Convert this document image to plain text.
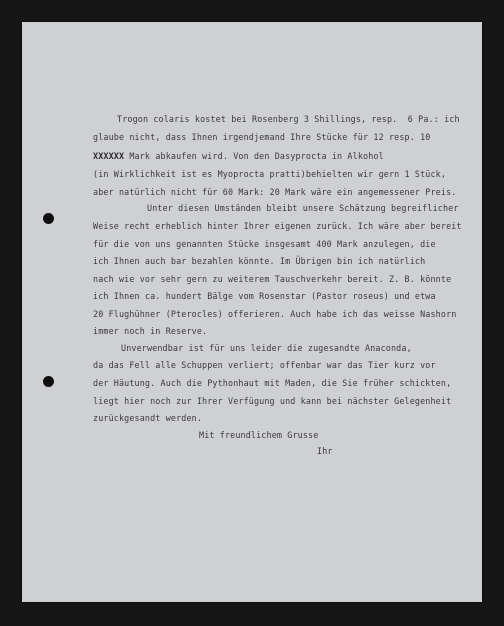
Trogon colaris kostet bei Rosenberg 3 Shillings, resp.  6 Pa.: ich
glaube nicht, dass Ihnen irgendjemand Ihre Stücke für 12 resp. 10
XXXXXX Mark abkaufen wird. Von den Dasyprocta in Alkohol
(in Wirklichkeit ist es Myoprocta pratti)behielten wir gern 1 Stück,
aber natürlich nicht für 60 Mark: 20 Mark wäre ein angemessener Preis.
Unter diesen Umständen bleibt unsere Schätzung begreiflicher
Weise recht erheblich hinter Ihrer eigenen zurück. Ich wäre aber bereit
für die von uns genannten Stücke insgesamt 400 Mark anzulegen, die
ich Ihnen auch bar bezahlen könnte. Im Übrigen bin ich natürlich
nach wie vor sehr gern zu weiterem Tauschverkehr bereit. Z. B. könnte
ich Ihnen ca. hundert Bälge vom Rosenstar (Pastor roseus) und etwa
20 Flughühner (Pterocles) offerieren. Auch habe ich das weisse Nashorn
immer noch in Reserve.
Unverwendbar ist für uns leider die zugesandte Anaconda,
da das Fell alle Schuppen verliert; offenbar war das Tier kurz vor
der Häutung. Auch die Pythonhaut mit Maden, die Sie früher schickten,
liegt hier noch zur Ihrer Verfügung und kann bei nächster Gelegenheit
zurückgesandt werden.
Mit freundlichem Grusse
Ihr
